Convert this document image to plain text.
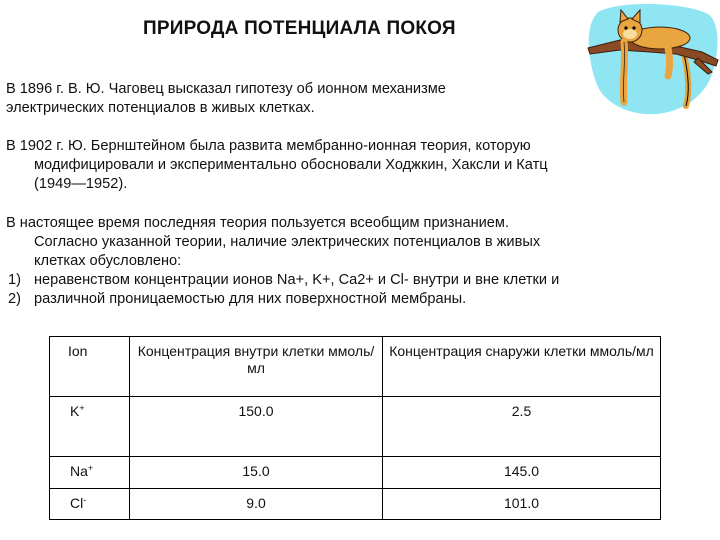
ПРИРОДА ПОТЕНЦИАЛА ПОКОЯ
В 1896 г. В. Ю. Чаговец высказал гипотезу об ионном механизме
электрических потенциалов в живых клетках.
В 1902 г. Ю. Бернштейном была развита мембранно-ионная теория, которую
модифицировали и экспериментально обосновали Ходжкин, Хаксли и Катц
(1949—1952).
В настоящее время последняя теория пользуется всеобщим признанием.
Согласно указанной теории, наличие электрических потенциалов в живых
клетках обусловлено:
1) неравенством концентрации ионов Na+, K+, Ca2+ и Cl- внутри и вне клетки и
2) различной проницаемостью для них поверхностной мембраны.
Ion	Концентрация внутри клетки ммоль/мл	Концентрация снаружи клетки ммоль/мл
K+	150.0	2.5
Na+	15.0	145.0
Cl-	9.0	101.0
